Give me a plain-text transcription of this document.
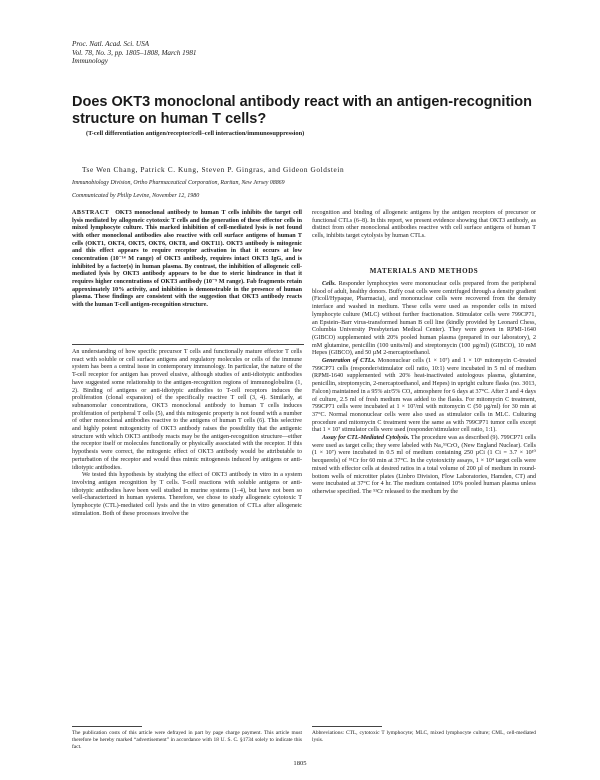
Proc. Natl. Acad. Sci. USA
Vol. 78, No. 3, pp. 1805–1808, March 1981
Immunology
Does OKT3 monoclonal antibody react with an antigen-recognition structure on human T cells?
(T-cell differentiation antigen/receptor/cell–cell interaction/immunosuppression)
Tse Wen Chang, Patrick C. Kung, Steven P. Gingras, and Gideon Goldstein
Immunobiology Division, Ortho Pharmaceutical Corporation, Raritan, New Jersey 08869
Communicated by Philip Levine, November 12, 1980
ABSTRACT OKT3 monoclonal antibody to human T cells inhibits the target cell lysis mediated by allogeneic cytotoxic T cells and the generation of these effector cells in mixed lymphocyte culture. This marked inhibition of cell-mediated lysis is not found with other monoclonal antibodies also reactive with cell surface antigens of human T cells (OKT1, OKT4, OKT5, OKT6, OKT8, and OKT11). OKT3 antibody is mitogenic and this effect appears to require receptor activation in that it occurs at low concentration (10⁻¹⁴ M range) of OKT3 antibody, requires intact OKT3 IgG, and is inhibited by a factor(s) in human plasma. By contrast, the inhibition of allogeneic cell-mediated lysis by OKT3 antibody appears to be due to steric hindrance in that it requires higher concentrations of OKT3 antibody (10⁻⁹ M range). Fab fragments retain approximately 10% activity, and inhibition is demonstrable in the presence of human plasma. These findings are consistent with the suggestion that OKT3 antibody reacts with the human T-cell antigen-recognition structure.

An understanding of how specific precursor T cells and functionally mature effector T cells react with soluble or cell surface antigens and regulatory molecules or cells of the immune system has been a central issue in contemporary immunology. In particular, the nature of the T-cell receptor for antigen has proved elusive, although studies of anti-idiotypic antibodies have suggested some relationship to the antigen-recognition regions of immunoglobulins (1, 2). Binding of antigens or anti-idiotypic antibodies to T-cell receptors induces the proliferation (clonal expansion) of the specifically reactive T cell (3, 4). Similarly, at subnanomolar concentrations, OKT3 monoclonal antibody to human T cells induces proliferation of peripheral T cells (5), and this mitogenic property is not found with a number of other monoclonal antibodies reactive to the antigens of human T cells (6). This selective and highly potent mitogenicity of OKT3 antibody raises the possibility that the antigenic structure with which OKT3 antibody reacts may be the antigen-recognition structure—either the receptor itself or molecules functionally or physically associated with the receptor. If this hypothesis were correct, the mitogenic effect of OKT3 antibody would be attributable to perturbation of the receptor and would thus mimic mitogenesis induced by antigens or anti-idiotypic antibodies.

We tested this hypothesis by studying the effect of OKT3 antibody in vitro in a system involving antigen recognition by T cells. T-cell reactions with soluble antigens or anti-idiotypic antibodies have been well studied in murine systems (1–4), but have not been so well-characterized in human systems. Therefore, we chose to study allogeneic cytotoxic T lymphocyte (CTL)-mediated cell lysis and the in vitro generation of CTLs after allogeneic stimulation. Both of these processes involve the

recognition and binding of allogeneic antigens by the antigen receptors of precursor or functional CTLs (6–8). In this report, we present evidence showing that OKT3 antibody, as distinct from other monoclonal antibodies reactive with cell surface antigens of human T cells, inhibits target cytolysis by human CTLs.

MATERIALS AND METHODS

Cells. Responder lymphocytes were mononuclear cells prepared from the peripheral blood of adult, healthy donors. Buffy coat cells were centrifuged through a density gradient (Ficoll/Hypaque, Pharmacia), and mononuclear cells were recovered from the density interface and washed in medium. These cells were used as responder cells in mixed lymphocyte culture (MLC) without further fractionation. Stimulator cells were 799CP71, an Epstein–Barr virus-transformed human B cell line (kindly provided by Leonard Chess, Columbia University Presbyterian Medical Center). They were grown in RPMI-1640 (GIBCO) supplemented with 20% pooled human plasma (prepared in our laboratory), 2 mM glutamine, penicillin (100 units/ml) and streptomycin (100 µg/ml) (GIBCO), 10 mM Hepes (GIBCO), and 50 µM 2-mercaptoethanol.

Generation of CTLs. Mononuclear cells (1 × 10⁷) and 1 × 10⁶ mitomycin C-treated 799CP71 cells (responder/stimulator cell ratio, 10:1) were incubated in 5 ml of medium (RPMI-1640 supplemented with 20% heat-inactivated autologous plasma, glutamine, penicillin, streptomycin, 2-mercaptoethanol, and Hepes) in upright culture flasks (no. 3013, Falcon) maintained in a 95% air/5% CO₂ atmosphere for 6 days at 37°C. After 3 and 4 days of culture, 2.5 ml of fresh medium was added to the flasks. For mitomycin C treatment, 799CP71 cells were incubated at 1 × 10⁷/ml with mitomycin C (50 µg/ml) for 30 min at 37°C. Normal mononuclear cells were also used as stimulator cells in MLC. Culturing procedure and mitomycin C treatment were the same as with 799CP71 tumor cells except that 1 × 10⁷ stimulator cells were used (responder/stimulator cell ratio, 1:1).

Assay for CTL-Mediated Cytolysis. The procedure was as described (9). 799CP71 cells were used as target cells; they were labeled with Na₂⁵¹CrO₄ (New England Nuclear). Cells (1 × 10⁷) were incubated in 0.5 ml of medium containing 250 µCi (1 Ci = 3.7 × 10¹⁰ becquerels) of ⁵¹Cr for 60 min at 37°C. In the cytotoxicity assays, 1 × 10⁴ target cells were mixed with effector cells at desired ratios in a total volume of 200 µl of medium in round-bottom wells of microtiter plates (Linbro Division, Flow Laboratories, Hamden, CT) and were incubated at 37°C for 4 hr. The medium contained 10% pooled human plasma unless otherwise specified. The ⁵¹Cr released to the medium by the

The publication costs of this article were defrayed in part by page charge payment. This article must therefore be hereby marked “advertisement” in accordance with 18 U. S. C. §1734 solely to indicate this fact.
Abbreviations: CTL, cytotoxic T lymphocyte; MLC, mixed lymphocyte culture; CML, cell-mediated lysis.
1805
